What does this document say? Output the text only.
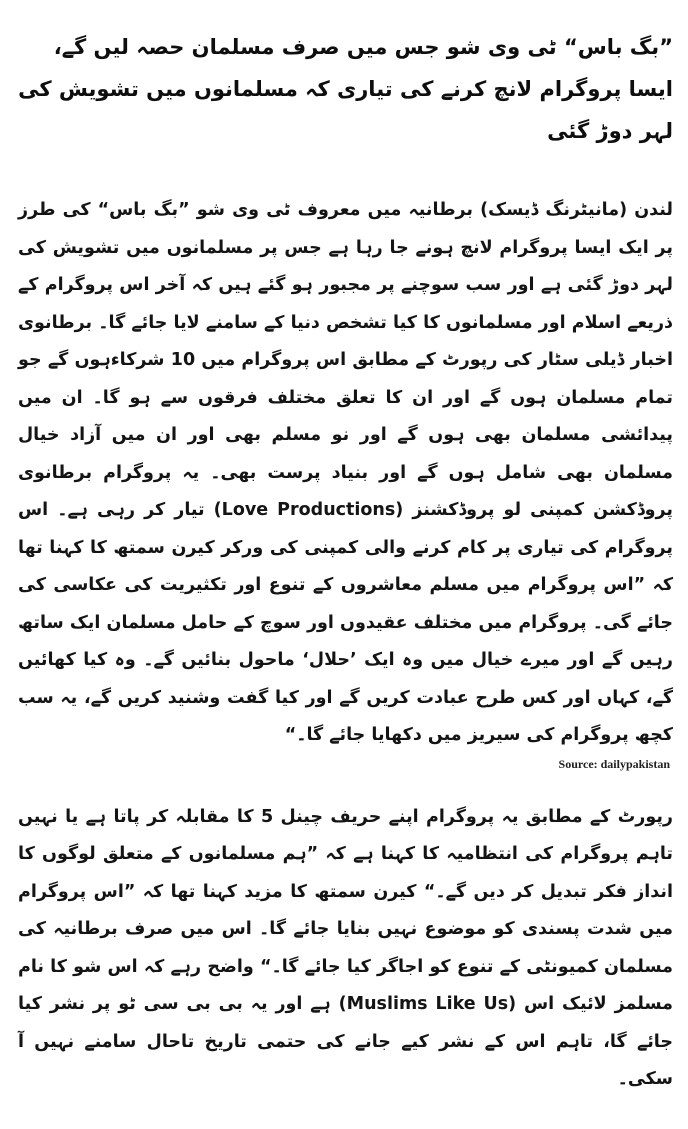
”بگ باس“ ٹی وی شو جس میں صرف مسلمان حصہ لیں گے، ایسا پروگرام لانچ کرنے کی تیاری کہ مسلمانوں میں تشویش کی لہر دوڑ گئی

لندن (مانیٹرنگ ڈیسک) برطانیہ میں معروف ٹی وی شو ”بگ باس“ کی طرز پر ایک ایسا پروگرام لانچ ہونے جا رہا ہے جس پر مسلمانوں میں تشویش کی لہر دوڑ گئی ہے اور سب سوچنے پر مجبور ہو گئے ہیں کہ آخر اس پروگرام کے ذریعے اسلام اور مسلمانوں کا کیا تشخص دنیا کے سامنے لایا جائے گا۔ برطانوی اخبار ڈیلی سٹار کی رپورٹ کے مطابق اس پروگرام میں 10 شرکاءہوں گے جو تمام مسلمان ہوں گے اور ان کا تعلق مختلف فرقوں سے ہو گا۔ ان میں پیدائشی مسلمان بھی ہوں گے اور نو مسلم بھی اور ان میں آزاد خیال مسلمان بھی شامل ہوں گے اور بنیاد پرست بھی۔ یہ پروگرام برطانوی پروڈکشن کمپنی لو پروڈکشنز (Love Productions) تیار کر رہی ہے۔ اس پروگرام کی تیاری پر کام کرنے والی کمپنی کی ورکر کیرن سمتھ کا کہنا تھا کہ ”اس پروگرام میں مسلم معاشروں کے تنوع اور تکثیریت کی عکاسی کی جائے گی۔ پروگرام میں مختلف عقیدوں اور سوچ کے حامل مسلمان ایک ساتھ رہیں گے اور میرے خیال میں وہ ایک ’حلال‘ ماحول بنائیں گے۔ وہ کیا کھائیں گے، کہاں اور کس طرح عبادت کریں گے اور کیا گفت وشنید کریں گے، یہ سب کچھ پروگرام کی سیریز میں دکھایا جائے گا۔“

رپورٹ کے مطابق یہ پروگرام اپنے حریف چینل 5 کا مقابلہ کر پاتا ہے یا نہیں تاہم پروگرام کی انتظامیہ کا کہنا ہے کہ ”ہم مسلمانوں کے متعلق لوگوں کا انداز فکر تبدیل کر دیں گے۔“ کیرن سمتھ کا مزید کہنا تھا کہ ”اس پروگرام میں شدت پسندی کو موضوع نہیں بنایا جائے گا۔ اس میں صرف برطانیہ کی مسلمان کمیونٹی کے تنوع کو اجاگر کیا جائے گا۔“ واضح رہے کہ اس شو کا نام مسلمز لائیک اس (Muslims Like Us) ہے اور یہ بی بی سی ٹو پر نشر کیا جائے گا، تاہم اس کے نشر کیے جانے کی حتمی تاریخ تاحال سامنے نہیں آ سکی۔

Source: dailypakistan
